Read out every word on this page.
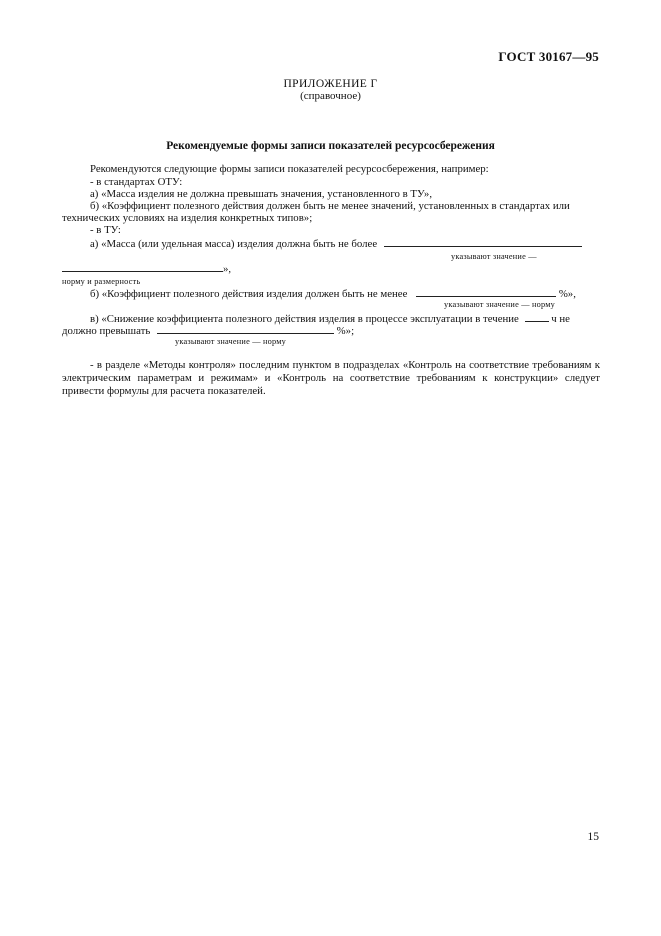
ГОСТ 30167—95
ПРИЛОЖЕНИЕ Г
(справочное)
Рекомендуемые формы записи показателей ресурсосбережения
Рекомендуются следующие формы записи показателей ресурсосбережения, например:
- в стандартах ОТУ:
а) «Масса изделия не должна превышать значения, установленного в ТУ»,
б) «Коэффициент полезного действия должен быть не менее значений, установленных в стандартах или
технических условиях на изделия конкретных типов»;
- в ТУ:
а) «Масса (или удельная масса) изделия должна быть не более
указывают значение —
»,
норму и размерность
б) «Коэффициент полезного действия изделия должен быть не менее	%»,
указывают значение — норму
в) «Снижение коэффициента полезного действия изделия в процессе эксплуатации в течение	ч не
должно превышать	%»;
указывают значение — норму
- в разделе «Методы контроля» последним пунктом в подразделах «Контроль на соответствие требованиям к электрическим параметрам и режимам» и «Контроль на соответствие требованиям к конструкции» следует привести формулы для расчета показателей.
15
